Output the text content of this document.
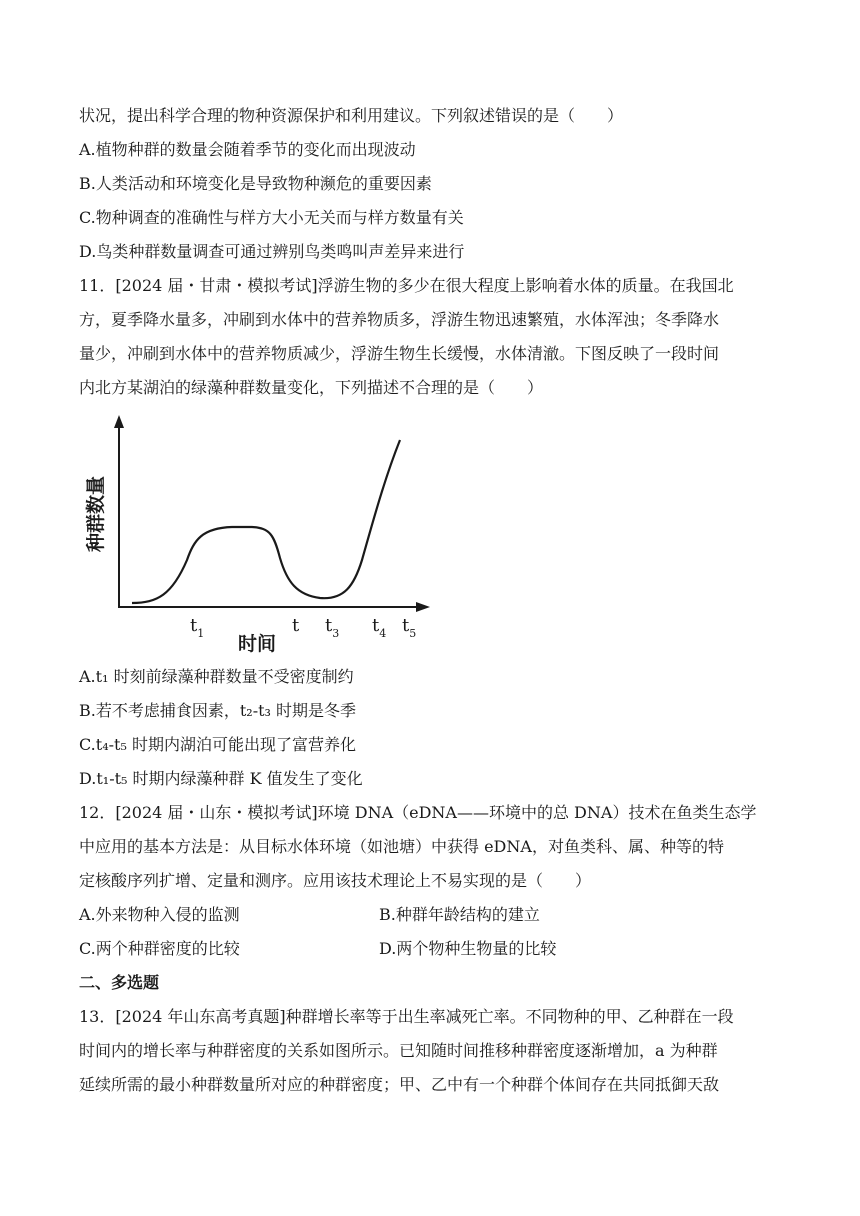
状况，提出科学合理的物种资源保护和利用建议。下列叙述错误的是（　　）
A.植物种群的数量会随着季节的变化而出现波动
B.人类活动和环境变化是导致物种濒危的重要因素
C.物种调查的准确性与样方大小无关而与样方数量有关
D.鸟类种群数量调查可通过辨别鸟类鸣叫声差异来进行
11．[2024 届・甘肃・模拟考试]浮游生物的多少在很大程度上影响着水体的质量。在我国北
方，夏季降水量多，冲刷到水体中的营养物质多，浮游生物迅速繁殖，水体浑浊；冬季降水
量少，冲刷到水体中的营养物质减少，浮游生物生长缓慢，水体清澈。下图反映了一段时间
内北方某湖泊的绿藻种群数量变化，下列描述不合理的是（　　）
种群数量
时间
$t_1$	t $t_3$ $t_4$ $t_5$
A.t₁ 时刻前绿藻种群数量不受密度制约
B.若不考虑捕食因素，t₂-t₃ 时期是冬季
C.t₄-t₅ 时期内湖泊可能出现了富营养化
D.t₁-t₅ 时期内绿藻种群 K 值发生了变化
12．[2024 届・山东・模拟考试]环境 DNA（eDNA——环境中的总 DNA）技术在鱼类生态学
中应用的基本方法是：从目标水体环境（如池塘）中获得 eDNA，对鱼类科、属、种等的特
定核酸序列扩增、定量和测序。应用该技术理论上不易实现的是（　　）
A.外来物种入侵的监测	B.种群年龄结构的建立
C.两个种群密度的比较	D.两个物种生物量的比较
二、多选题
13．[2024 年山东高考真题]种群增长率等于出生率减死亡率。不同物种的甲、乙种群在一段
时间内的增长率与种群密度的关系如图所示。已知随时间推移种群密度逐渐增加，a 为种群
延续所需的最小种群数量所对应的种群密度；甲、乙中有一个种群个体间存在共同抵御天敌
